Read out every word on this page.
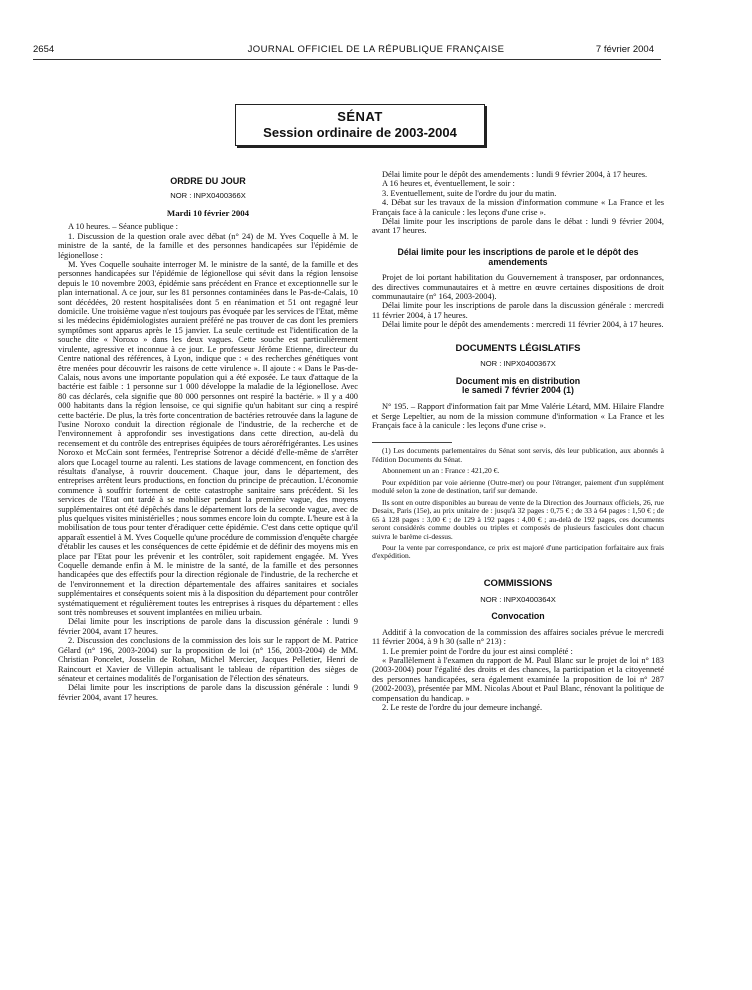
2654	JOURNAL OFFICIEL DE LA RÉPUBLIQUE FRANÇAISE	7 février 2004
SÉNAT
Session ordinaire de 2003-2004
ORDRE DU JOUR
NOR : INPX0400366X
Mardi 10 février 2004

A 10 heures. – Séance publique :

1. Discussion de la question orale avec débat (n° 24) de M. Yves Coquelle à M. le ministre de la santé, de la famille et des personnes handicapées sur l'épidémie de légionellose :

M. Yves Coquelle souhaite interroger M. le ministre de la santé, de la famille et des personnes handicapées sur l'épidémie de légionellose qui sévit dans la région lensoise depuis le 10 novembre 2003, épidémie sans précédent en France et exceptionnelle sur le plan international. A ce jour, sur les 81 personnes contaminées dans le Pas-de-Calais, 10 sont décédées, 20 restent hospitalisées dont 5 en réanimation et 51 ont regagné leur domicile. Une troisième vague n'est toujours pas évoquée par les services de l'Etat, même si les médecins épidémiologistes auraient préféré ne pas trouver de cas dont les premiers symptômes sont apparus après le 15 janvier. La seule certitude est l'identification de la souche dite « Noroxo » dans les deux vagues. Cette souche est particulièrement virulente, agressive et inconnue à ce jour. Le professeur Jérôme Etienne, directeur du Centre national des références, à Lyon, indique que : « des recherches génétiques vont être menées pour découvrir les raisons de cette virulence ». Il ajoute : « Dans le Pas-de-Calais, nous avons une importante population qui a été exposée. Le taux d'attaque de la bactérie est faible : 1 personne sur 1 000 développe la maladie de la légionellose. Avec 80 cas déclarés, cela signifie que 80 000 personnes ont respiré la bactérie. » Il y a 400 000 habitants dans la région lensoise, ce qui signifie qu'un habitant sur cinq a respiré cette bactérie. De plus, la très forte concentration de bactéries retrouvée dans la lagune de l'usine Noroxo conduit la direction régionale de l'industrie, de la recherche et de l'environnement à approfondir ses investigations dans cette direction, au-delà du recensement et du contrôle des entreprises équipées de tours aéroréfrigérantes. Les usines Noroxo et McCain sont fermées, l'entreprise Sotrenor a décidé d'elle-même de s'arrêter alors que Locagel tourne au ralenti. Les stations de lavage commencent, en fonction des résultats d'analyse, à rouvrir doucement. Chaque jour, dans le département, des entreprises arrêtent leurs productions, en fonction du principe de précaution. L'économie commence à souffrir fortement de cette catastrophe sanitaire sans précédent. Si les services de l'Etat ont tardé à se mobiliser pendant la première vague, des moyens supplémentaires ont été dépêchés dans le département lors de la seconde vague, avec de plus quelques visites ministérielles ; nous sommes encore loin du compte. L'heure est à la mobilisation de tous pour tenter d'éradiquer cette épidémie. C'est dans cette optique qu'il apparaît essentiel à M. Yves Coquelle qu'une procédure de commission d'enquête chargée d'établir les causes et les conséquences de cette épidémie et de définir des moyens mis en place par l'Etat pour les prévenir et les contrôler, soit rapidement engagée. M. Yves Coquelle demande enfin à M. le ministre de la santé, de la famille et des personnes handicapées que des effectifs pour la direction régionale de l'industrie, de la recherche et de l'environnement et la direction départementale des affaires sanitaires et sociales supplémentaires et conséquents soient mis à la disposition du département pour contrôler systématiquement et régulièrement toutes les entreprises à risques du département : elles sont très nombreuses et souvent implantées en milieu urbain.

Délai limite pour les inscriptions de parole dans la discussion générale : lundi 9 février 2004, avant 17 heures.

2. Discussion des conclusions de la commission des lois sur le rapport de M. Patrice Gélard (n° 196, 2003-2004) sur la proposition de loi (n° 156, 2003-2004) de MM. Christian Poncelet, Josselin de Rohan, Michel Mercier, Jacques Pelletier, Henri de Raincourt et Xavier de Villepin actualisant le tableau de répartition des sièges de sénateur et certaines modalités de l'organisation de l'élection des sénateurs.

Délai limite pour les inscriptions de parole dans la discussion générale : lundi 9 février 2004, avant 17 heures.

Délai limite pour le dépôt des amendements : lundi 9 février 2004, à 17 heures.

A 16 heures et, éventuellement, le soir :

3. Eventuellement, suite de l'ordre du jour du matin.

4. Débat sur les travaux de la mission d'information commune « La France et les Français face à la canicule : les leçons d'une crise ».

Délai limite pour les inscriptions de parole dans le débat : lundi 9 février 2004, avant 17 heures.

Délai limite pour les inscriptions de parole et le dépôt des amendements

Projet de loi portant habilitation du Gouvernement à transposer, par ordonnances, des directives communautaires et à mettre en œuvre certaines dispositions de droit communautaire (n° 164, 2003-2004).

Délai limite pour les inscriptions de parole dans la discussion générale : mercredi 11 février 2004, à 17 heures.

Délai limite pour le dépôt des amendements : mercredi 11 février 2004, à 17 heures.

DOCUMENTS LÉGISLATIFS
NOR : INPX0400367X
Document mis en distribution
le samedi 7 février 2004 (1)

N° 195. – Rapport d'information fait par Mme Valérie Létard, MM. Hilaire Flandre et Serge Lepeltier, au nom de la mission commune d'information « La France et les Français face à la canicule : les leçons d'une crise ».

(1) Les documents parlementaires du Sénat sont servis, dès leur publication, aux abonnés à l'édition Documents du Sénat.

Abonnement un an : France : 421,20 €.

Pour expédition par voie aérienne (Outre-mer) ou pour l'étranger, paiement d'un supplément modulé selon la zone de destination, tarif sur demande.

Ils sont en outre disponibles au bureau de vente de la Direction des Journaux officiels, 26, rue Desaix, Paris (15e), au prix unitaire de : jusqu'à 32 pages : 0,75 € ; de 33 à 64 pages : 1,50 € ; de 65 à 128 pages : 3,00 € ; de 129 à 192 pages : 4,00 € ; au-delà de 192 pages, ces documents seront considérés comme doubles ou triples et composés de plusieurs fascicules dont chacun suivra le barème ci-dessus.

Pour la vente par correspondance, ce prix est majoré d'une participation forfaitaire aux frais d'expédition.

COMMISSIONS
NOR : INPX0400364X
Convocation

Additif à la convocation de la commission des affaires sociales prévue le mercredi 11 février 2004, à 9 h 30 (salle n° 213) :

1. Le premier point de l'ordre du jour est ainsi complété :

« Parallèlement à l'examen du rapport de M. Paul Blanc sur le projet de loi n° 183 (2003-2004) pour l'égalité des droits et des chances, la participation et la citoyenneté des personnes handicapées, sera également examinée la proposition de loi n° 287 (2002-2003), présentée par MM. Nicolas About et Paul Blanc, rénovant la politique de compensation du handicap. »

2. Le reste de l'ordre du jour demeure inchangé.
